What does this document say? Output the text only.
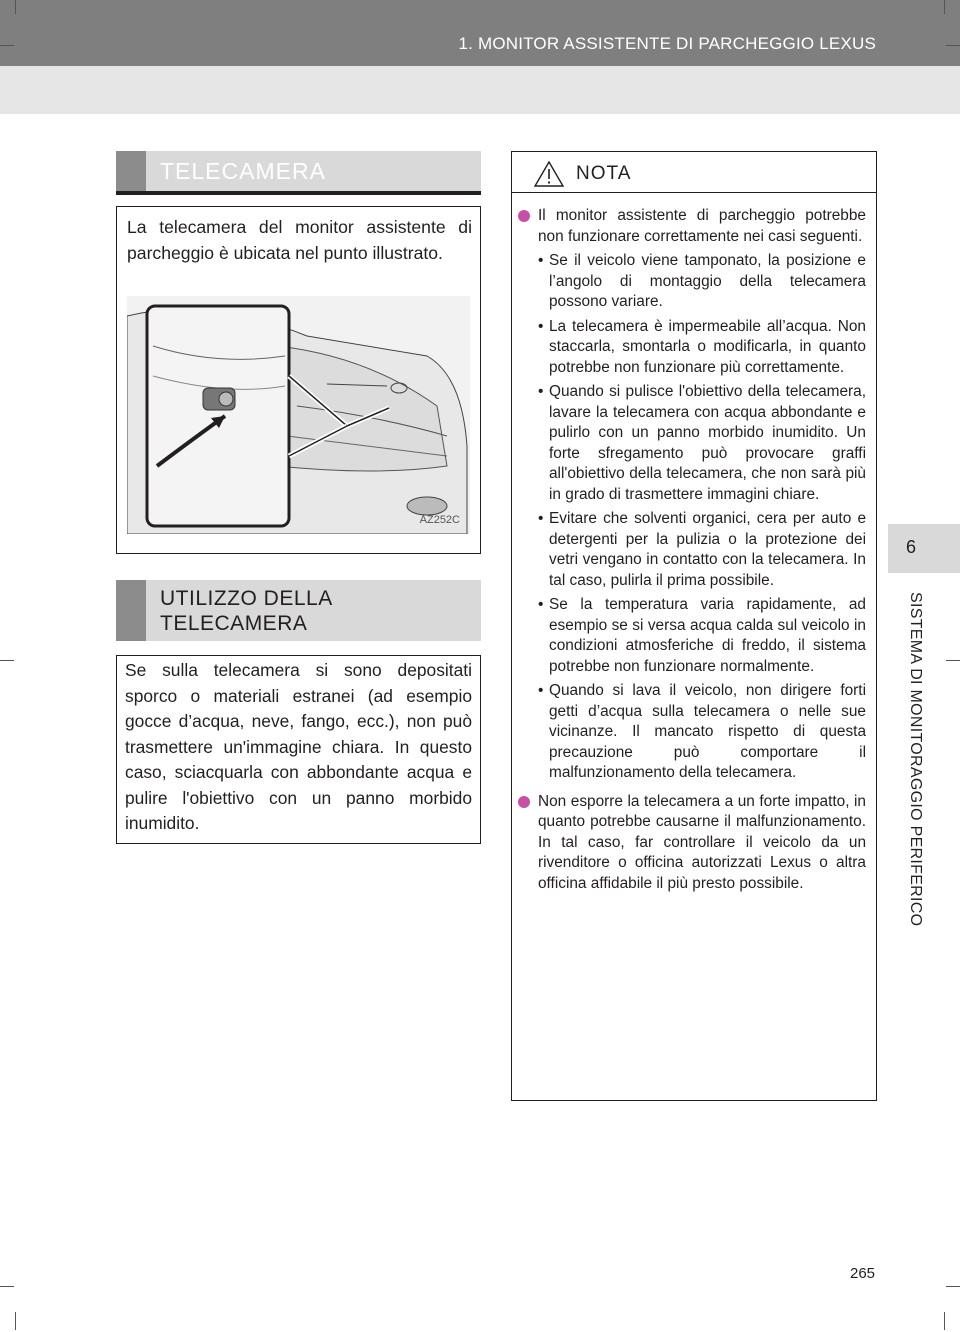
1. MONITOR ASSISTENTE DI PARCHEGGIO LEXUS
TELECAMERA
La telecamera del monitor assistente di parcheggio è ubicata nel punto illustrato.
AZ252C
UTILIZZO DELLA
TELECAMERA
Se sulla telecamera si sono depositati sporco o materiali estranei (ad esempio gocce d’acqua, neve, fango, ecc.), non può trasmettere un'immagine chiara. In questo caso, sciacquarla con abbondante acqua e pulire l'obiettivo con un panno morbido inumidito.
NOTA
Il monitor assistente di parcheggio potrebbe non funzionare correttamente nei casi seguenti.
• Se il veicolo viene tamponato, la posizione e l’angolo di montaggio della telecamera possono variare.
• La telecamera è impermeabile all’acqua. Non staccarla, smontarla o modificarla, in quanto potrebbe non funzionare più correttamente.
• Quando si pulisce l'obiettivo della telecamera, lavare la telecamera con acqua abbondante e pulirlo con un panno morbido inumidito. Un forte sfregamento può provocare graffi all'obiettivo della telecamera, che non sarà più in grado di trasmettere immagini chiare.
• Evitare che solventi organici, cera per auto e detergenti per la pulizia o la protezione dei vetri vengano in contatto con la telecamera. In tal caso, pulirla il prima possibile.
• Se la temperatura varia rapidamente, ad esempio se si versa acqua calda sul veicolo in condizioni atmosferiche di freddo, il sistema potrebbe non funzionare normalmente.
• Quando si lava il veicolo, non dirigere forti getti d’acqua sulla telecamera o nelle sue vicinanze. Il mancato rispetto di questa precauzione può comportare il malfunzionamento della telecamera.
Non esporre la telecamera a un forte impatto, in quanto potrebbe causarne il malfunzionamento. In tal caso, far controllare il veicolo da un rivenditore o officina autorizzati Lexus o altra officina affidabile il più presto possibile.
6
SISTEMA DI MONITORAGGIO PERIFERICO
265
